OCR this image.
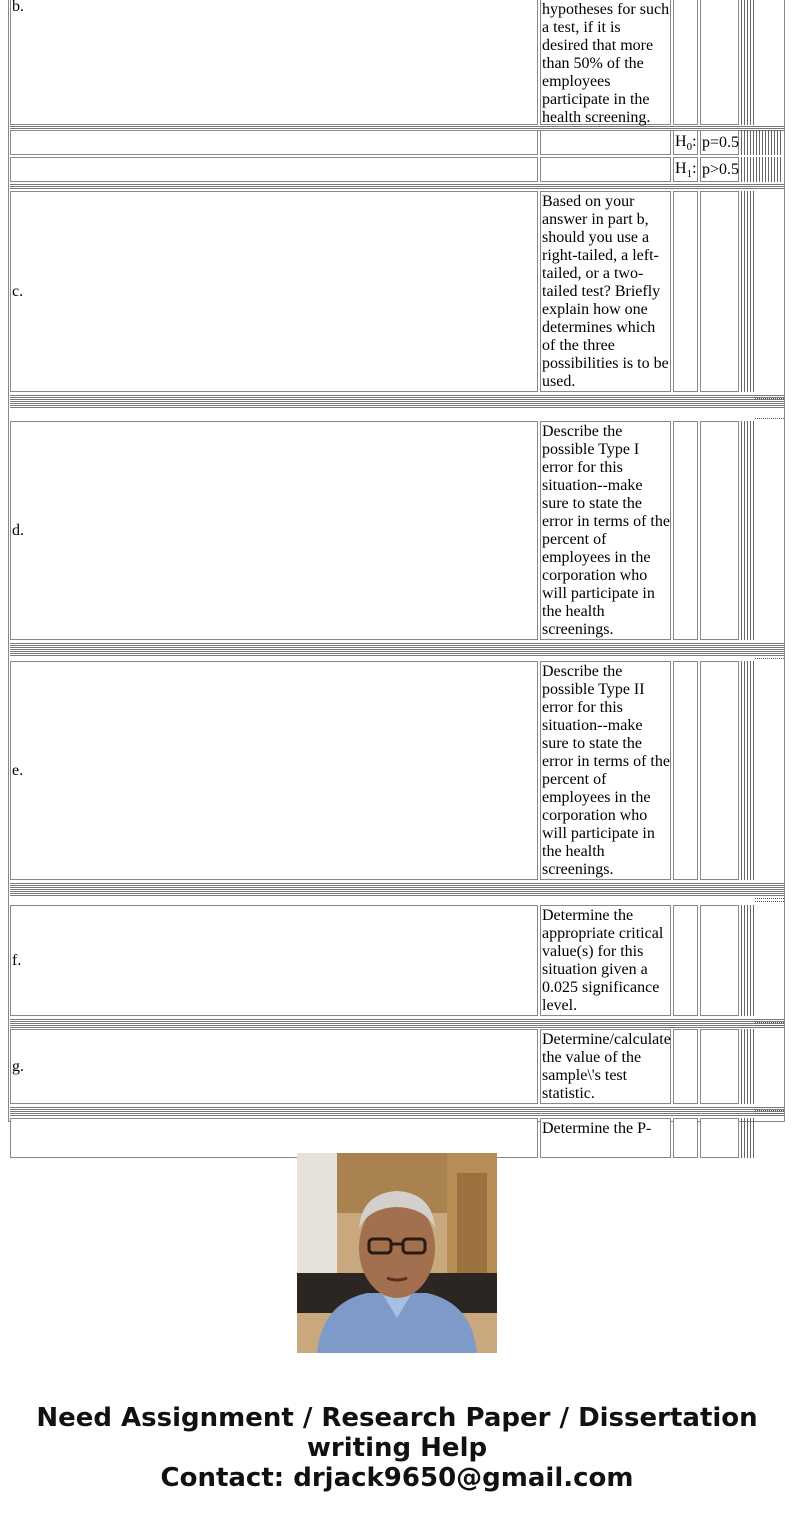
b.	hypotheses for such a test, if it is desired that more than 50% of the employees participate in the health screening.
$H_0$: p=0.5
$H_1$: p>0.5
c.
Based on your answer in part b, should you use a right-tailed, a left-tailed, or a two-tailed test? Briefly explain how one determines which of the three possibilities is to be used.
d.
Describe the possible Type I error for this situation--make sure to state the error in terms of the percent of employees in the corporation who will participate in the health screenings.
e.
Describe the possible Type II error for this situation--make sure to state the error in terms of the percent of employees in the corporation who will participate in the health screenings.
f.
Determine the appropriate critical value(s) for this situation given a 0.025 significance level.
g.
Determine/calculate the value of the sample\'s test statistic.
Determine the P-
Need Assignment / Research Paper / Dissertation
writing Help
Contact: drjack9650@gmail.com
